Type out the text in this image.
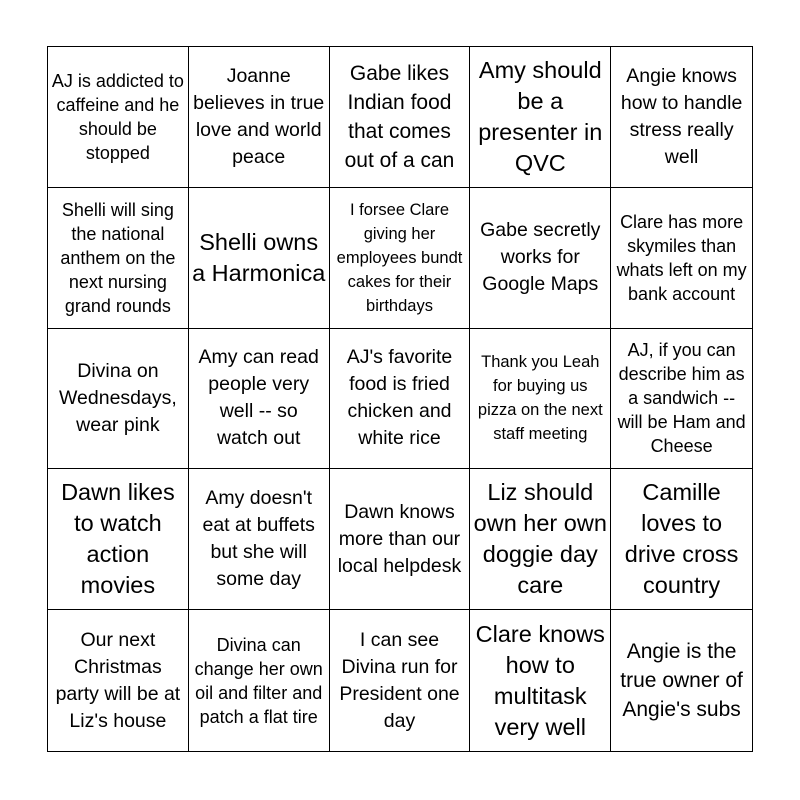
AJ is addicted to caffeine and he should be stopped
Joanne believes in true love and world peace
Gabe likes Indian food that comes out of a can
Amy should be a presenter in QVC
Angie knows how to handle stress really well
Shelli will sing the national anthem on the next nursing grand rounds
Shelli owns a Harmonica
I forsee Clare giving her employees bundt cakes for their birthdays
Gabe secretly works for Google Maps
Clare has more skymiles than whats left on my bank account
Divina on Wednesdays, wear pink
Amy can read people very well -- so watch out
AJ's favorite food is fried chicken and white rice
Thank you Leah for buying us pizza on the next staff meeting
AJ, if you can describe him as a sandwich -- will be Ham and Cheese
Dawn likes to watch action movies
Amy doesn't eat at buffets but she will some day
Dawn knows more than our local helpdesk
Liz should own her own doggie day care
Camille loves to drive cross country
Our next Christmas party will be at Liz's house
Divina can change her own oil and filter and patch a flat tire
I can see Divina run for President one day
Clare knows how to multitask very well
Angie is the true owner of Angie's subs
